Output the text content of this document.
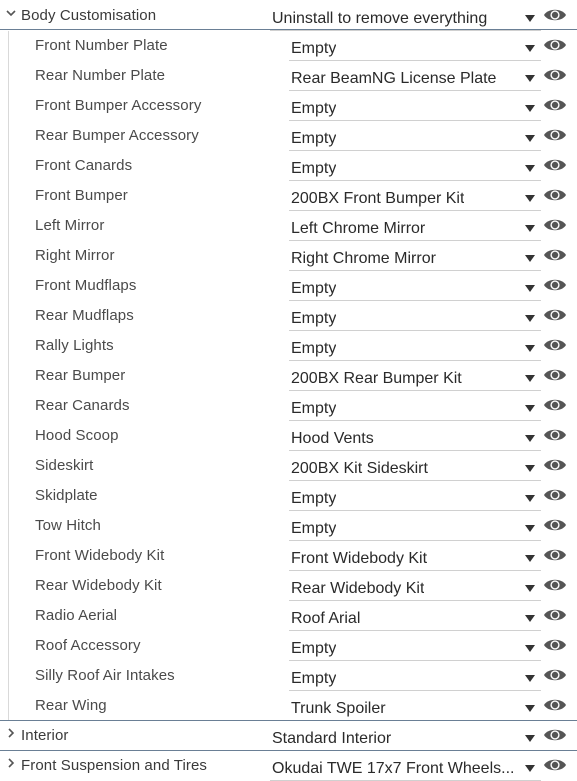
Body Customisation	Uninstall to remove everything
Front Number Plate	Empty
Rear Number Plate	Rear BeamNG License Plate
Front Bumper Accessory	Empty
Rear Bumper Accessory	Empty
Front Canards	Empty
Front Bumper	200BX Front Bumper Kit
Left Mirror	Left Chrome Mirror
Right Mirror	Right Chrome Mirror
Front Mudflaps	Empty
Rear Mudflaps	Empty
Rally Lights	Empty
Rear Bumper	200BX Rear Bumper Kit
Rear Canards	Empty
Hood Scoop	Hood Vents
Sideskirt	200BX Kit Sideskirt
Skidplate	Empty
Tow Hitch	Empty
Front Widebody Kit	Front Widebody Kit
Rear Widebody Kit	Rear Widebody Kit
Radio Aerial	Roof Arial
Roof Accessory	Empty
Silly Roof Air Intakes	Empty
Rear Wing	Trunk Spoiler
Interior	Standard Interior
Front Suspension and Tires	Okudai TWE 17x7 Front Wheels...
